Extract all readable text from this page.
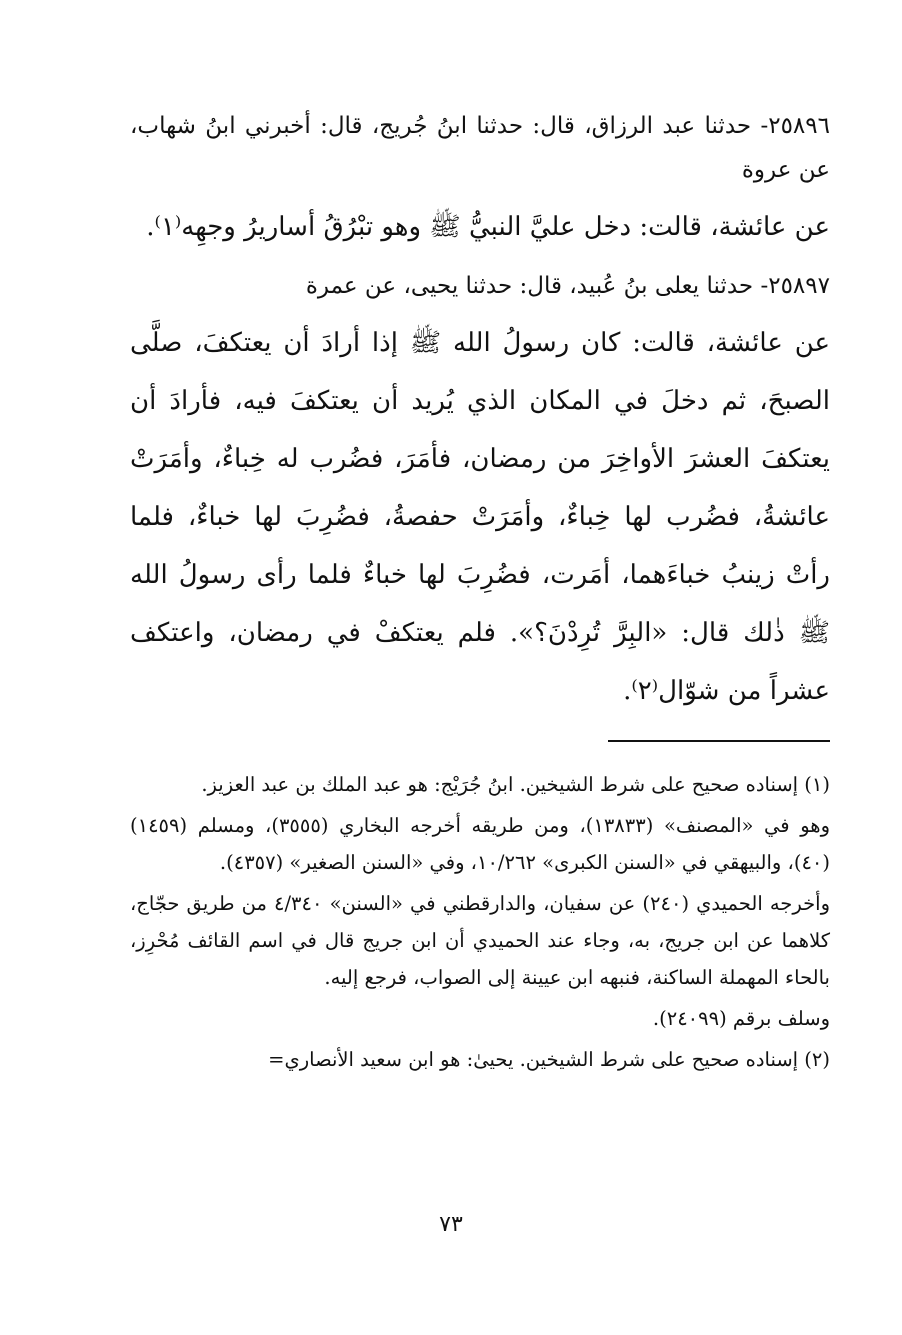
٢٥٨٩٦- حدثنا عبد الرزاق، قال: حدثنا ابنُ جُريج، قال: أخبرني ابنُ شهاب، عن عروة

عن عائشة، قالت: دخل عليَّ النبيُّ ﷺ وهو تبْرُقُ أساريرُ وجهِه⁽١⁾.

٢٥٨٩٧- حدثنا يعلى بنُ عُبيد، قال: حدثنا يحيى، عن عمرة

عن عائشة، قالت: كان رسولُ الله ﷺ إذا أرادَ أن يعتكفَ، صلَّى الصبحَ، ثم دخلَ في المكان الذي يُريد أن يعتكفَ فيه، فأرادَ أن يعتكفَ العشرَ الأواخِرَ من رمضان، فأمَرَ، فضُرب له خِباءٌ، وأمَرَتْ عائشةُ، فضُرب لها خِباءٌ، وأمَرَتْ حفصةُ، فضُرِبَ لها خباءٌ، فلما رأتْ زينبُ خباءَهما، أمَرت، فضُرِبَ لها خباءٌ فلما رأى رسولُ الله ﷺ ذٰلك قال: «البِرَّ تُرِدْنَ؟». فلم يعتكفْ في رمضان، واعتكف عشراً من شوّال⁽٢⁾.

(١) إسناده صحيح على شرط الشيخين. ابنُ جُرَيْج: هو عبد الملك بن عبد العزيز.

وهو في «المصنف» (١٣٨٣٣)، ومن طريقه أخرجه البخاري (٣٥٥٥)، ومسلم (١٤٥٩) (٤٠)، والبيهقي في «السنن الكبرى» ١٠/٢٦٢، وفي «السنن الصغير» (٤٣٥٧).

وأخرجه الحميدي (٢٤٠) عن سفيان، والدارقطني في «السنن» ٤/٣٤٠ من طريق حجّاج، كلاهما عن ابن جريج، به، وجاء عند الحميدي أن ابن جريج قال في اسم القائف مُحْرِز، بالحاء المهملة الساكنة، فنبهه ابن عيينة إلى الصواب، فرجع إليه.

وسلف برقم (٢٤٠٩٩).

(٢) إسناده صحيح على شرط الشيخين. يحيىٰ: هو ابن سعيد الأنصاري=

٧٣
